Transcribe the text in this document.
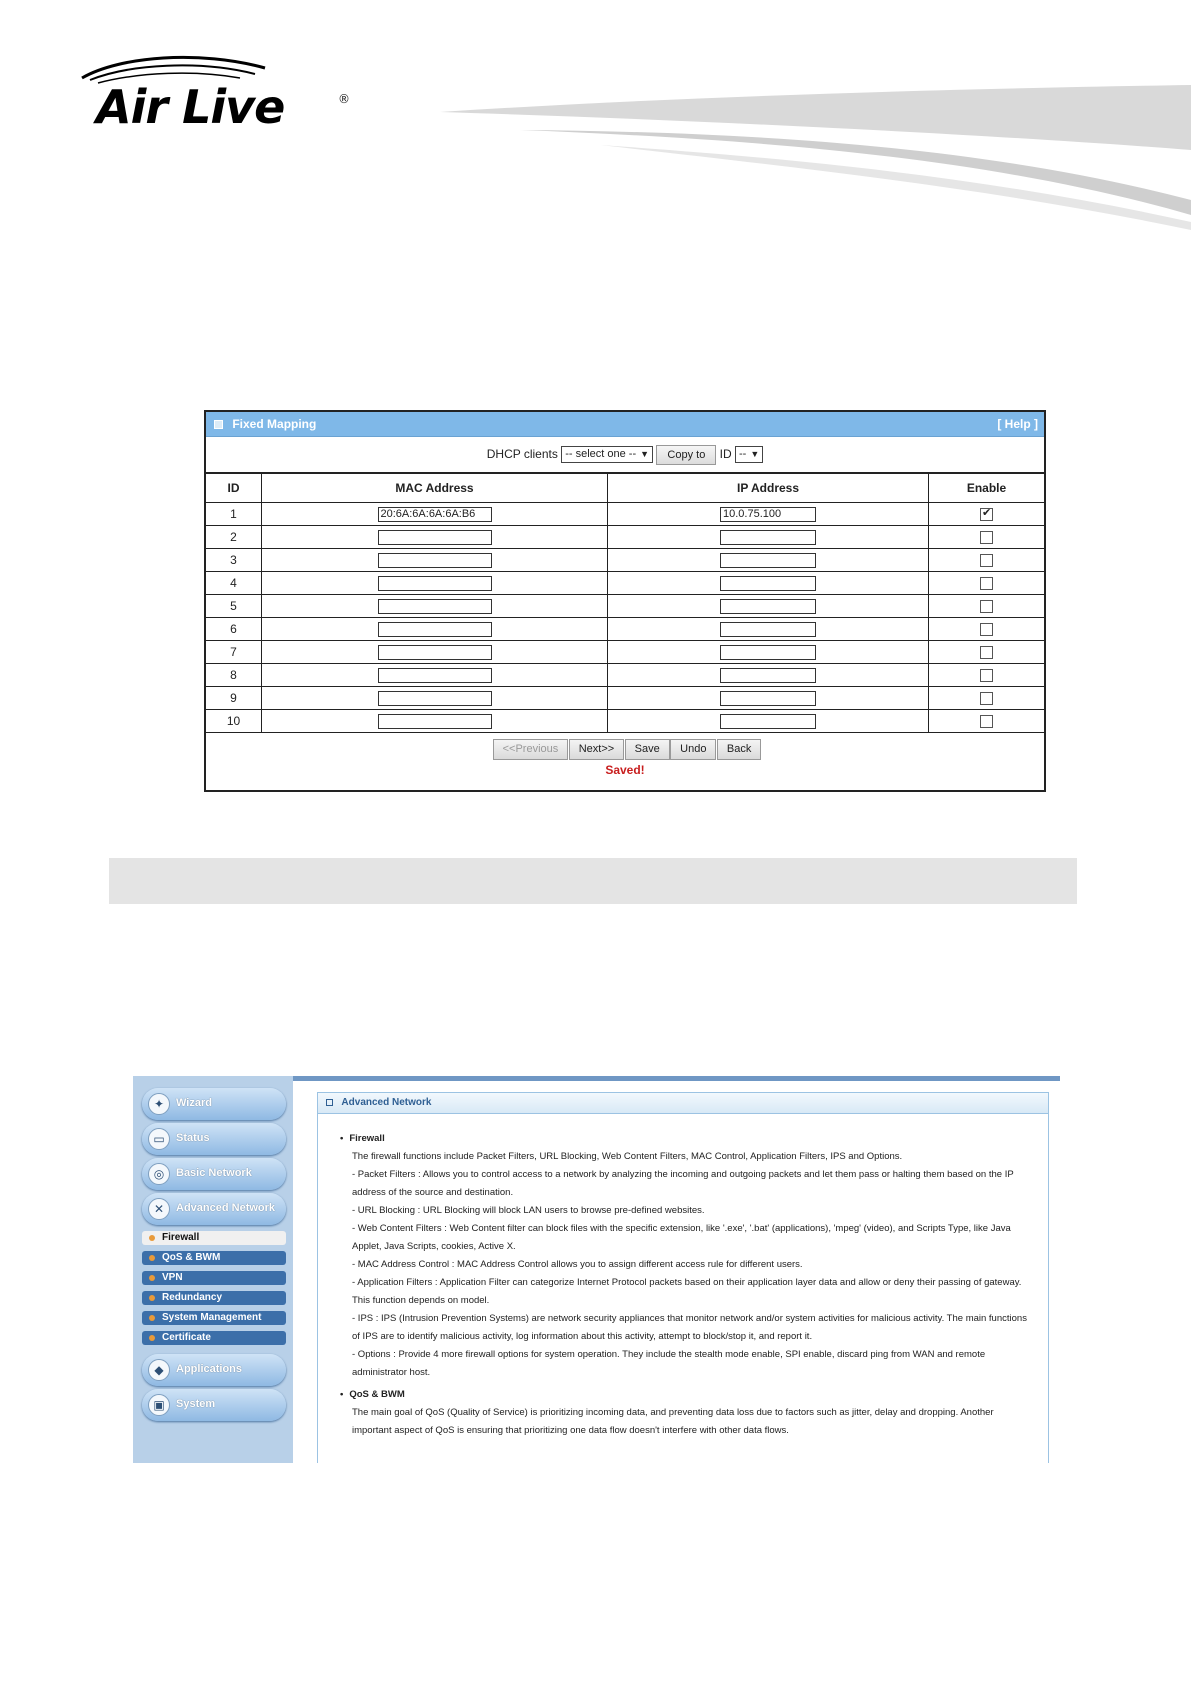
Air Live	®
Fixed Mapping	[ Help ]
DHCP clients -- select one -- ▼ Copy to ID -- ▼
ID	MAC Address	IP Address	Enable
1	20:6A:6A:6A:6A:B6	10.0.75.100	✔

2			
3			
4			
5			
6			
7			
8			
9			
10			
<<Previous Next>> Save Undo Back
Saved!
✦	Wizard
▭	Status
◎	Basic Network
✕	Advanced Network
Firewall
QoS & BWM
VPN
Redundancy
System Management
Certificate
◆	Applications
▣	System
Advanced Network
• Firewall
The firewall functions include Packet Filters, URL Blocking, Web Content Filters, MAC Control, Application Filters, IPS and Options.
- Packet Filters : Allows you to control access to a network by analyzing the incoming and outgoing packets and let them pass or halting them based on the IP
address of the source and destination.
- URL Blocking : URL Blocking will block LAN users to browse pre-defined websites.
- Web Content Filters : Web Content filter can block files with the specific extension, like '.exe', '.bat' (applications), 'mpeg' (video), and Scripts Type, like Java
Applet, Java Scripts, cookies, Active X.
- MAC Address Control : MAC Address Control allows you to assign different access rule for different users.
- Application Filters : Application Filter can categorize Internet Protocol packets based on their application layer data and allow or deny their passing of gateway.
This function depends on model.
- IPS : IPS (Intrusion Prevention Systems) are network security appliances that monitor network and/or system activities for malicious activity. The main functions
of IPS are to identify malicious activity, log information about this activity, attempt to block/stop it, and report it.
- Options : Provide 4 more firewall options for system operation. They include the stealth mode enable, SPI enable, discard ping from WAN and remote
administrator host.
• QoS & BWM
The main goal of QoS (Quality of Service) is prioritizing incoming data, and preventing data loss due to factors such as jitter, delay and dropping. Another
important aspect of QoS is ensuring that prioritizing one data flow doesn't interfere with other data flows.
